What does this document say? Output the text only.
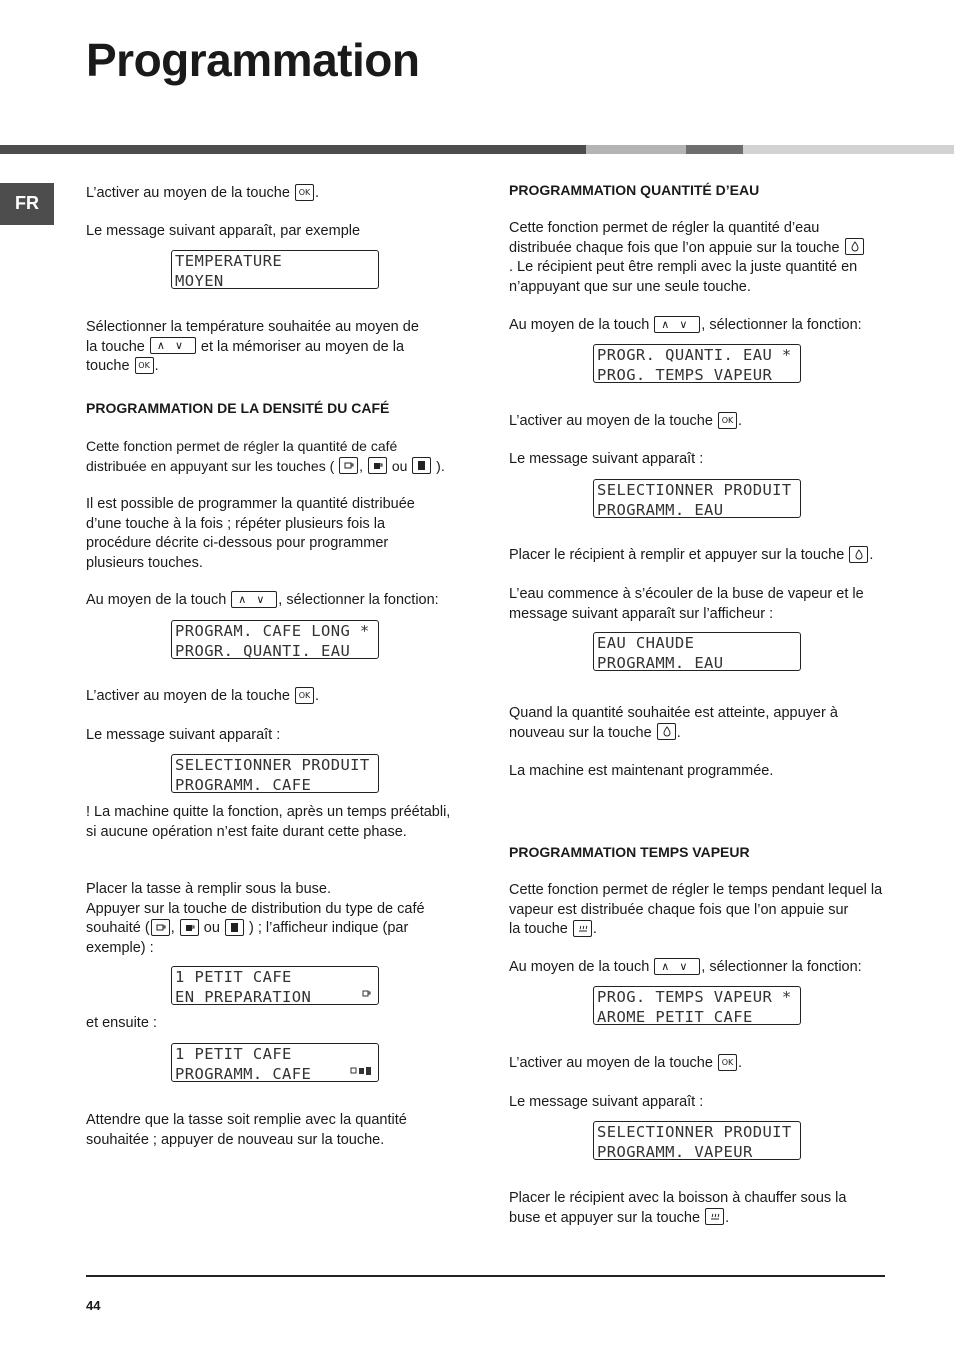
Programmation
FR

L’activer au moyen de la touche OK .

Le message suivant apparaît, par exemple

TEMPERATURE
MOYEN

Sélectionner la température souhaitée au moyen de

la touche ∧∨ et la mémoriser au moyen de la

touche OK .

PROGRAMMATION DE LA DENSITÉ DU CAFÉ

Cette fonction permet de régler la quantité de café

distribuée en appuyant sur les touches ( ,
ou
).

Il est possible de programmer la quantité distribuée d’une touche à la fois ; répéter plusieurs fois la procédure décrite ci-dessous pour programmer plusieurs touches.

Au moyen de la touch ∧∨ , sélectionner la fonction:

PROGRAM. CAFE LONG *
PROGR. QUANTI. EAU

L’activer au moyen de la touche OK .

Le message suivant apparaît :

SELECTIONNER PRODUIT
PROGRAMM. CAFE

! La machine quitte la fonction, après un temps préétabli, si aucune opération n’est faite durant cette phase.

Placer la tasse à remplir sous la buse.

Appuyer sur la touche de distribution du type de café

souhaité ( ,
ou ) ; l’afficheur indique (par

exemple) :

1 PETIT CAFE
EN PREPARATION

et ensuite :

1 PETIT CAFE
PROGRAMM. CAFE

Attendre que la tasse soit remplie avec la quantité souhaitée ; appuyer de nouveau sur la touche.

PROGRAMMATION QUANTITÉ D’EAU

Cette fonction permet de régler la quantité d’eau

distribuée chaque fois que l’on appuie sur la touche

. Le récipient peut être rempli avec la juste quantité en n’appuyant que sur une seule touche.

Au moyen de la touch ∧∨ , sélectionner la fonction:

PROGR. QUANTI. EAU *
PROG. TEMPS VAPEUR

L’activer au moyen de la touche OK .

Le message suivant apparaît :

SELECTIONNER PRODUIT
PROGRAMM. EAU

Placer le récipient à remplir et appuyer sur la touche .

L’eau commence à s’écouler de la buse de vapeur et le message suivant apparaît sur l’afficheur :

EAU CHAUDE
PROGRAMM. EAU

Quand la quantité souhaitée est atteinte, appuyer à

nouveau sur la touche .

La machine est maintenant programmée.

PROGRAMMATION TEMPS VAPEUR

Cette fonction permet de régler le temps pendant lequel la vapeur est distribuée chaque fois que l’on appuie sur

la touche .

Au moyen de la touch ∧∨ , sélectionner la fonction:

PROG. TEMPS VAPEUR *
AROME PETIT CAFE

L’activer au moyen de la touche OK .

Le message suivant apparaît :

SELECTIONNER PRODUIT
PROGRAMM. VAPEUR

Placer le récipient avec la boisson à chauffer sous la

buse et appuyer sur la touche .

44
